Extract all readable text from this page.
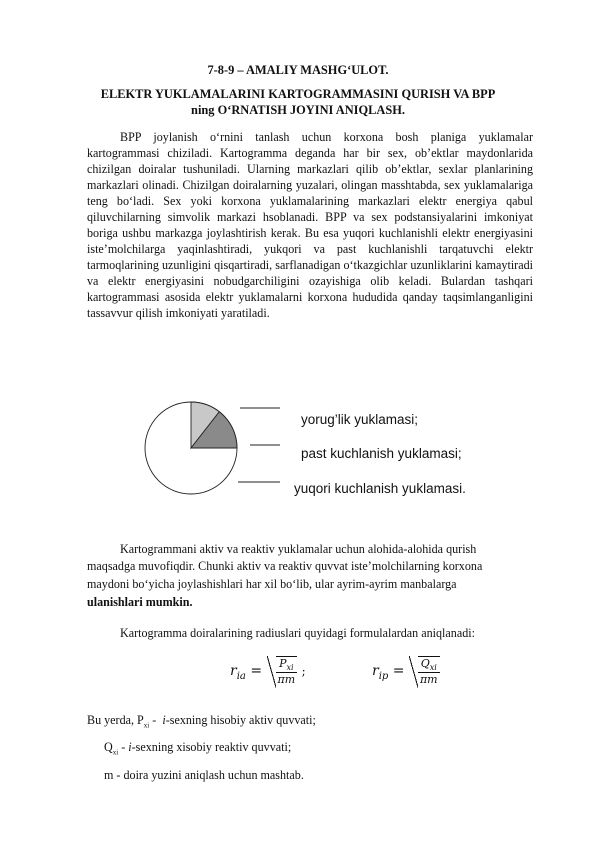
7-8-9 – AMALIY MASHG‘ULOT.
ELEKTR YUKLAMALARINI KARTOGRAMMASINI QURISH VA BPP
ning O‘RNATISH JOYINI ANIQLASH.

BPP joylanish o‘rnini tanlash uchun korxona bosh planiga yuklamalar kartogrammasi chiziladi. Kartogramma deganda har bir sex, ob’ektlar maydonlarida chizilgan doiralar tushuniladi. Ularning markazlari qilib ob’ektlar, sexlar planlarining markazlari olinadi. Chizilgan doiralarning yuzalari, olingan masshtabda, sex yuklamalariga teng bo‘ladi. Sex yoki korxona yuklamalarining markazlari elektr energiya qabul qiluvchilarning simvolik markazi hsoblanadi. BPP va sex podstansiyalarini imkoniyat boriga ushbu markazga joylashtirish kerak. Bu esa yuqori kuchlanishli elektr energiyasini iste’molchilarga yaqinlashtiradi, yukqori va past kuchlanishli tarqatuvchi elektr tarmoqlarining uzunligini qisqartiradi, sarflanadigan o‘tkazgichlar uzunliklarini kamaytiradi va elektr energiyasini nobudgarchiligini ozayishiga olib keladi. Bulardan tashqari kartogrammasi asosida elektr yuklamalarni korxona hududida qanday taqsimlanganligini tassavvur qilish imkoniyati yaratiladi.

yorug’lik yuklamasi;
past kuchlanish yuklamasi;
yuqori kuchlanish yuklamasi.
Kartogrammani aktiv va reaktiv yuklamalar uchun alohida-alohida qurish
maqsadga muvofiqdir. Chunki aktiv va reaktiv quvvat iste’molchilarning korxona
maydoni bo‘yicha joylashishlari har xil bo‘lib, ular ayrim-ayrim manbalarga
ulanishlari mumkin.
Kartogramma doiralarining radiuslari quyidagi formulalardan aniqlanadi:
$r_{ia} = \frac{P_{xi}}{\pi m}$ ;	$r_{ip} = \frac{Q_{xi}}{\pi m}$
Bu yerda, $P_{xi}$ -  i-sexning hisobiy aktiv quvvati;
$Q_{xi}$ - i-sexning xisobiy reaktiv quvvati;
m - doira yuzini aniqlash uchun mashtab.
